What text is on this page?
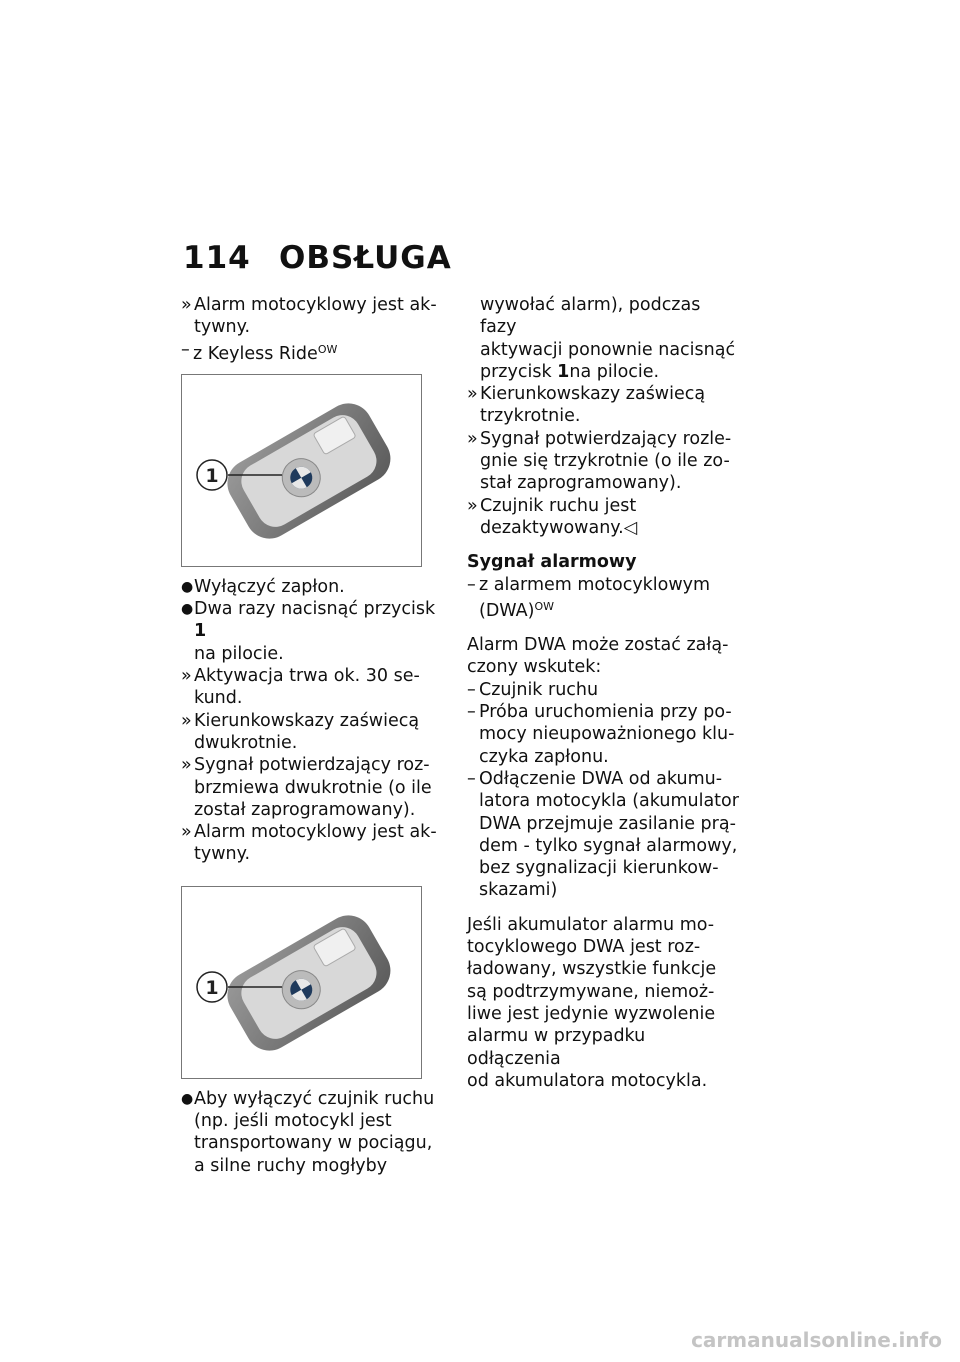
114 OBSŁUGA
» Alarm motocyklowy jest ak-
tywny.
– z Keyless Ride$^{OW}$
1
● Wyłączyć zapłon.
● Dwa razy nacisnąć przycisk 1
na pilocie.
» Aktywacja trwa ok. 30 se-
kund.
» Kierunkowskazy zaświecą
dwukrotnie.
» Sygnał potwierdzający roz-
brzmiewa dwukrotnie (o ile
został zaprogramowany).
» Alarm motocyklowy jest ak-
tywny.
1
● Aby wyłączyć czujnik ruchu
(np. jeśli motocykl jest
transportowany w pociągu,
a silne ruchy mogłyby
wywołać alarm), podczas fazy
aktywacji ponownie nacisnąć
przycisk 1na pilocie.
» Kierunkowskazy zaświecą
trzykrotnie.
» Sygnał potwierdzający rozle-
gnie się trzykrotnie (o ile zo-
stał zaprogramowany).
» Czujnik ruchu jest
dezaktywowany.◁

Sygnał alarmowy

– z alarmem motocyklowym
(DWA)$^{OW}$

Alarm DWA może zostać załą-
czony wskutek:

– Czujnik ruchu
– Próba uruchomienia przy po-
mocy nieupoważnionego klu-
czyka zapłonu.
– Odłączenie DWA od akumu-
latora motocykla (akumulator
DWA przejmuje zasilanie prą-
dem - tylko sygnał alarmowy,
bez sygnalizacji kierunkow-
skazami)

Jeśli akumulator alarmu mo-
tocyklowego DWA jest roz-
ładowany, wszystkie funkcje
są podtrzymywane, niemoż-
liwe jest jedynie wyzwolenie
alarmu w przypadku odłączenia
od akumulatora motocykla.

carmanualsonline.info
